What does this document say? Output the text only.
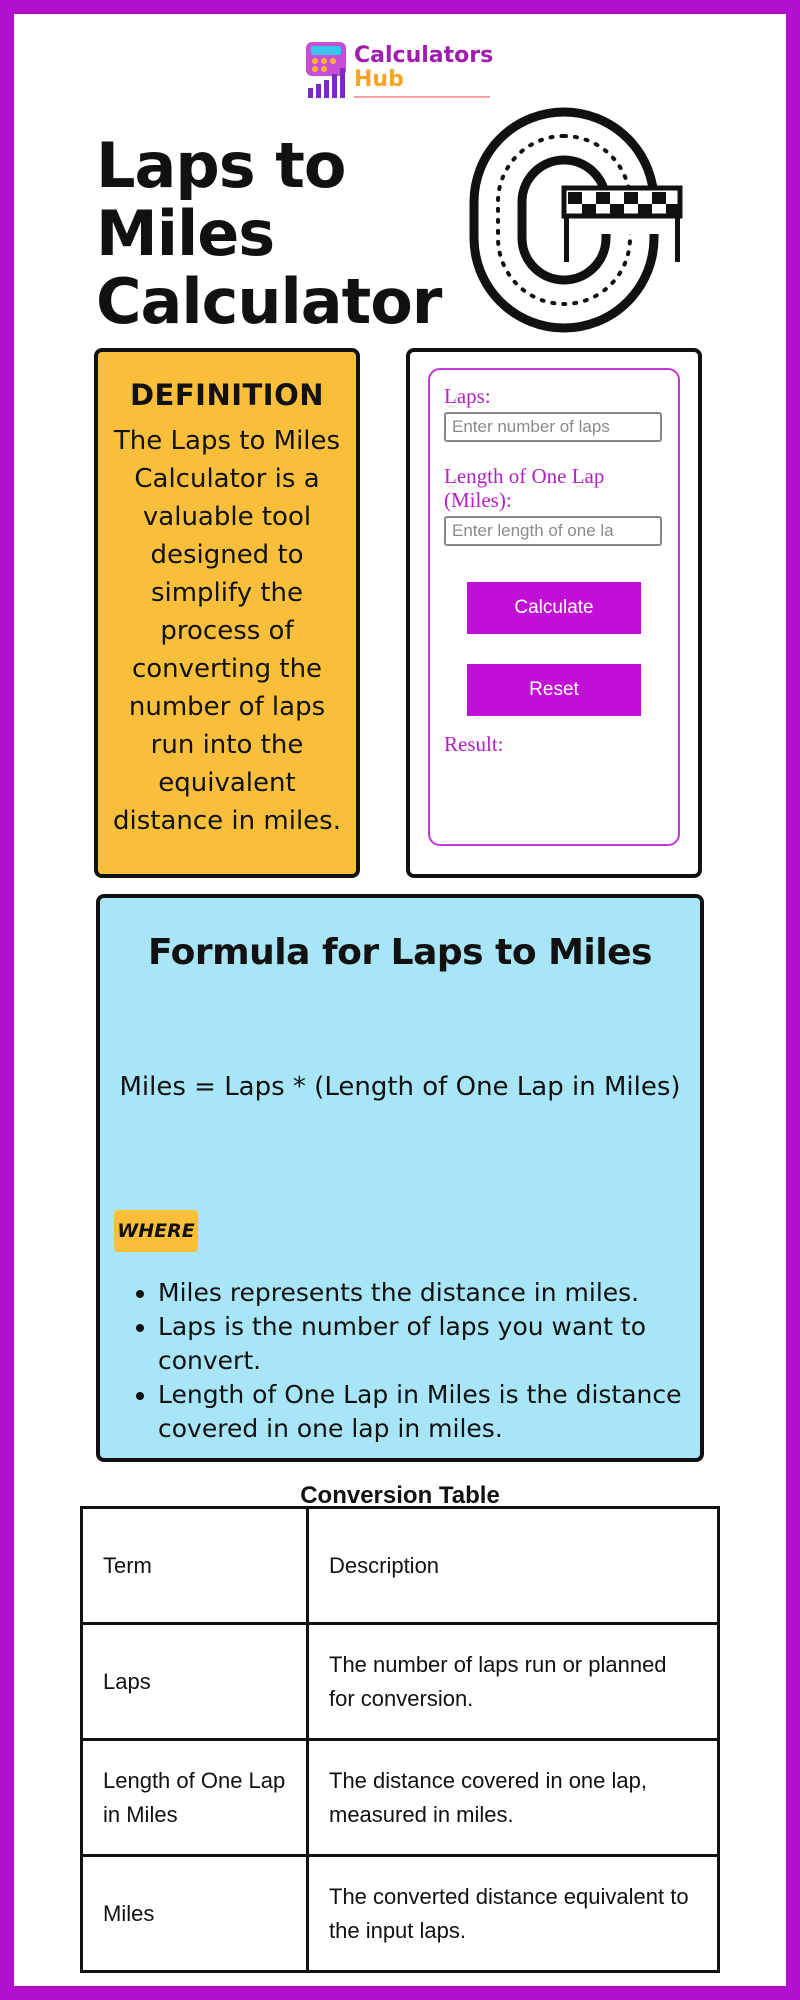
Calculators
Hub
Laps to Miles Calculator
DEFINITION

The Laps to Miles Calculator is a valuable tool designed to simplify the process of converting the number of laps run into the equivalent distance in miles.

Laps:
Enter number of laps
Length of One Lap (Miles):
Enter length of one la
Calculate
Reset
Result:
Formula for Laps to Miles
Miles = Laps * (Length of One Lap in Miles)
WHERE
• Miles represents the distance in miles.
• Laps is the number of laps you want to convert.
• Length of One Lap in Miles is the distance covered in one lap in miles.
Conversion Table
Term	Description
Laps	The number of laps run or planned for conversion.
Length of One Lap in Miles	The distance covered in one lap, measured in miles.
Miles	The converted distance equivalent to the input laps.
